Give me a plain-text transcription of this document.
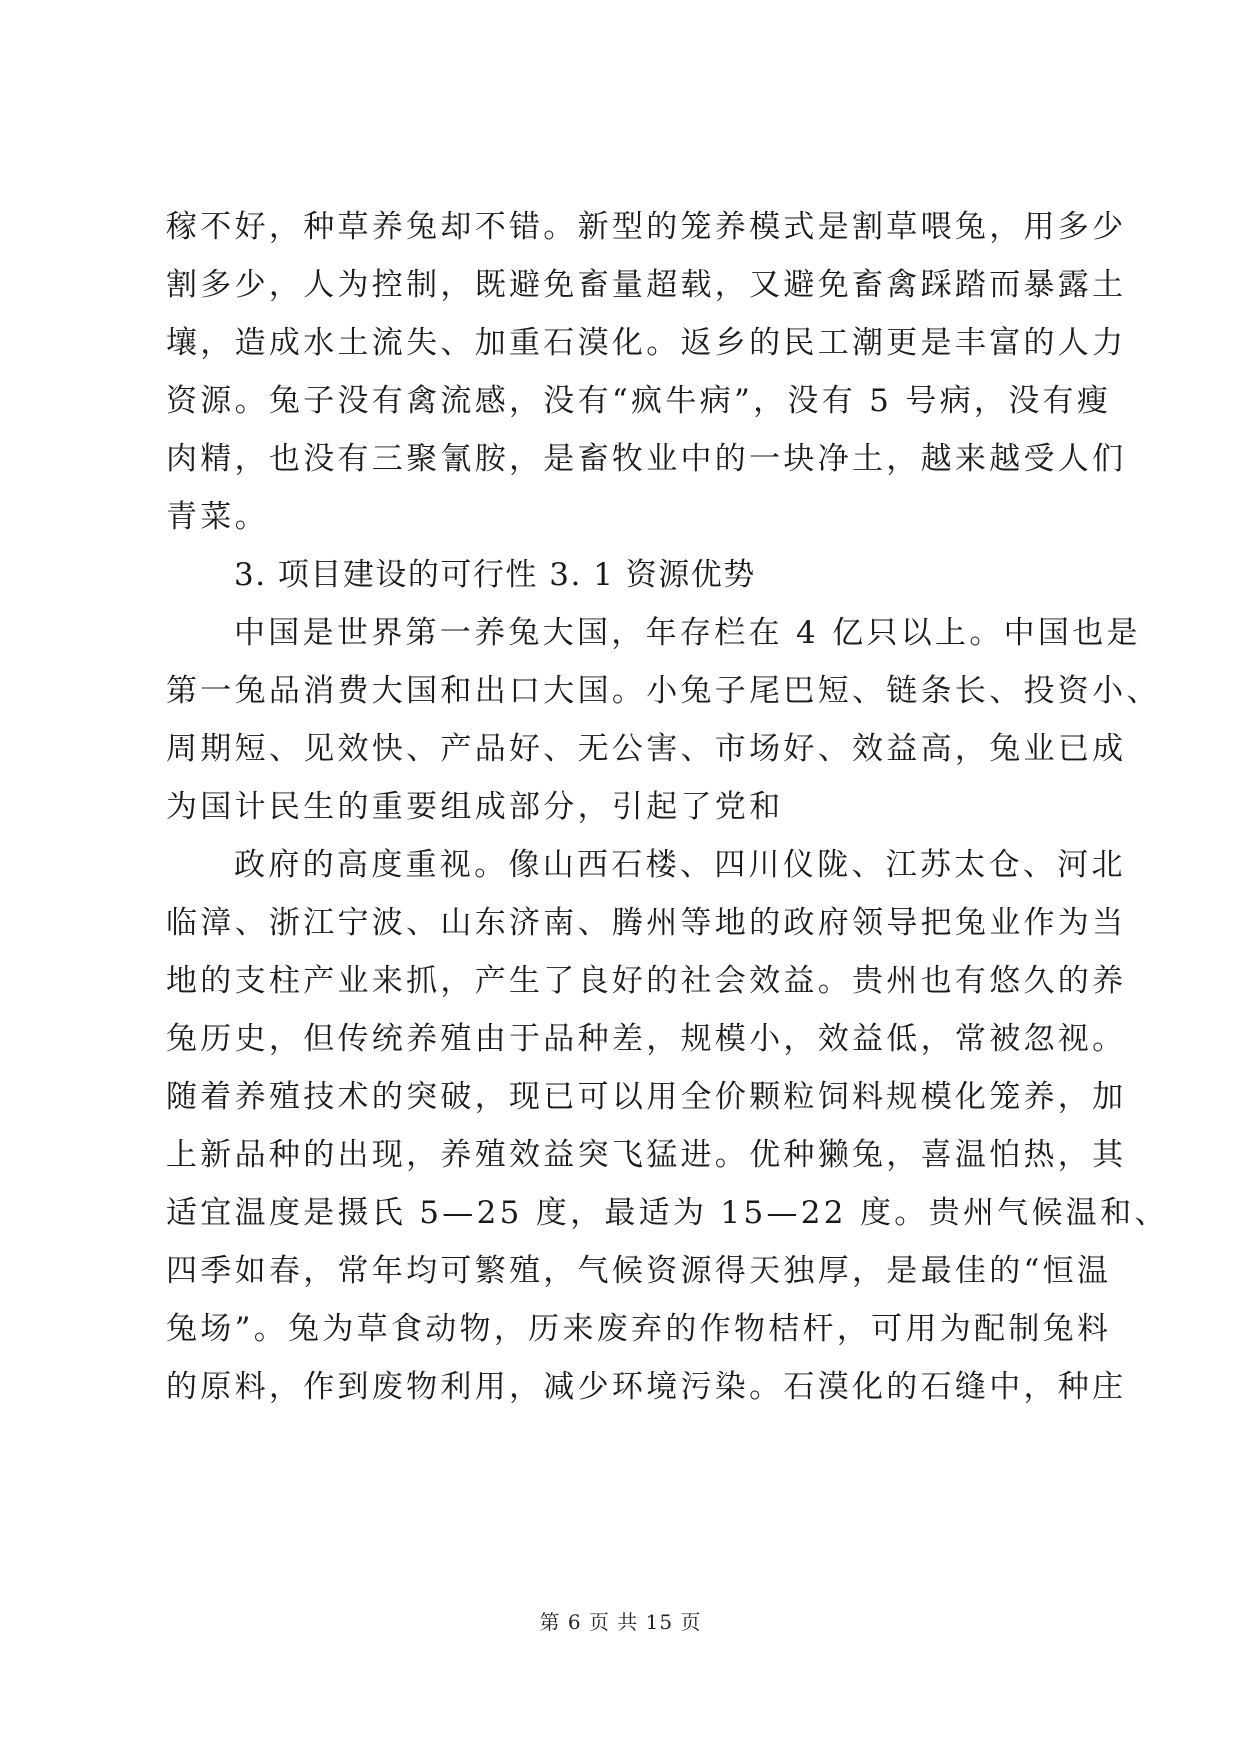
稼不好，种草养兔却不错。新型的笼养模式是割草喂兔，用多少
割多少，人为控制，既避免畜量超载，又避免畜禽踩踏而暴露土
壤，造成水土流失、加重石漠化。返乡的民工潮更是丰富的人力
资源。兔子没有禽流感，没有“疯牛病”，没有 5 号病，没有瘦
肉精，也没有三聚氰胺，是畜牧业中的一块净土，越来越受人们
青菜。
3. 项目建设的可行性 3. 1 资源优势
中国是世界第一养兔大国，年存栏在 4 亿只以上。中国也是
第一兔品消费大国和出口大国。小兔子尾巴短、链条长、投资小、
周期短、见效快、产品好、无公害、市场好、效益高，兔业已成
为国计民生的重要组成部分，引起了党和
政府的高度重视。像山西石楼、四川仪陇、江苏太仓、河北
临漳、浙江宁波、山东济南、腾州等地的政府领导把兔业作为当
地的支柱产业来抓，产生了良好的社会效益。贵州也有悠久的养
兔历史，但传统养殖由于品种差，规模小，效益低，常被忽视。
随着养殖技术的突破，现已可以用全价颗粒饲料规模化笼养，加
上新品种的出现，养殖效益突飞猛进。优种獭兔，喜温怕热，其
适宜温度是摄氏 5—25 度，最适为 15—22 度。贵州气候温和、
四季如春，常年均可繁殖，气候资源得天独厚，是最佳的“恒温
兔场”。兔为草食动物，历来废弃的作物桔杆，可用为配制兔料
的原料，作到废物利用，减少环境污染。石漠化的石缝中，种庄
第 6 页 共 15 页
